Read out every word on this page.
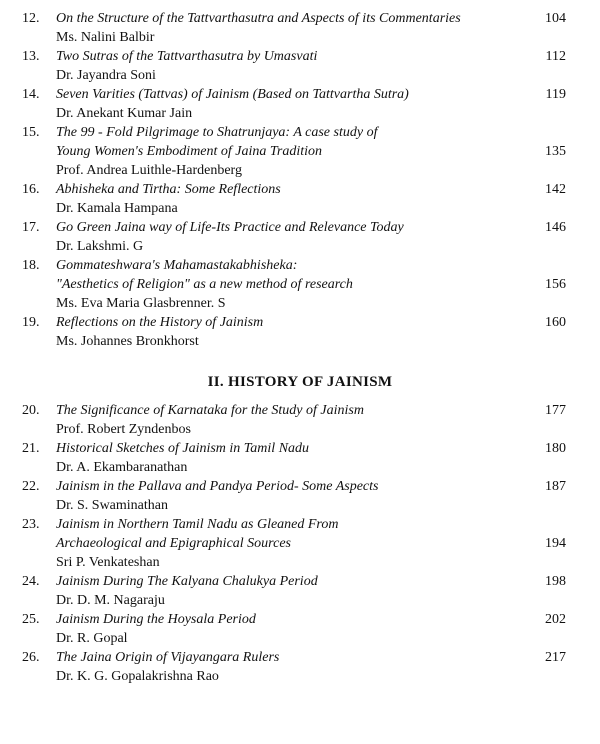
12. On the Structure of the Tattvarthasutra and Aspects of its Commentaries
Ms. Nalini Balbir
104
13. Two Sutras of the Tattvarthasutra by Umasvati
Dr. Jayandra Soni
112
14. Seven Varities (Tattvas) of Jainism (Based on Tattvartha Sutra)
Dr. Anekant Kumar Jain
119
15. The 99 - Fold Pilgrimage to Shatrunjaya: A case study of
Young Women's Embodiment of Jaina Tradition
Prof. Andrea Luithle-Hardenberg
135
16. Abhisheka and Tirtha: Some Reflections
Dr. Kamala Hampana
142
17. Go Green Jaina way of Life-Its Practice and Relevance Today
Dr. Lakshmi. G
146
18. Gommateshwara's Mahamastakabhisheka:
"Aesthetics of Religion" as a new method of research
Ms. Eva Maria Glasbrenner. S
156
19. Reflections on the History of Jainism
Ms. Johannes Bronkhorst
160
II. HISTORY OF JAINISM
20. The Significance of Karnataka for the Study of Jainism
Prof. Robert Zyndenbos
177
21. Historical Sketches of Jainism in Tamil Nadu
Dr. A. Ekambaranathan
180
22. Jainism in the Pallava and Pandya Period- Some Aspects
Dr. S. Swaminathan
187
23. Jainism in Northern Tamil Nadu as Gleaned From
Archaeological and Epigraphical Sources
Sri P. Venkateshan
194
24. Jainism During The Kalyana Chalukya Period
Dr. D. M. Nagaraju
198
25. Jainism During the Hoysala Period
Dr. R. Gopal
202
26. The Jaina Origin of Vijayangara Rulers
Dr. K. G. Gopalakrishna Rao
217
